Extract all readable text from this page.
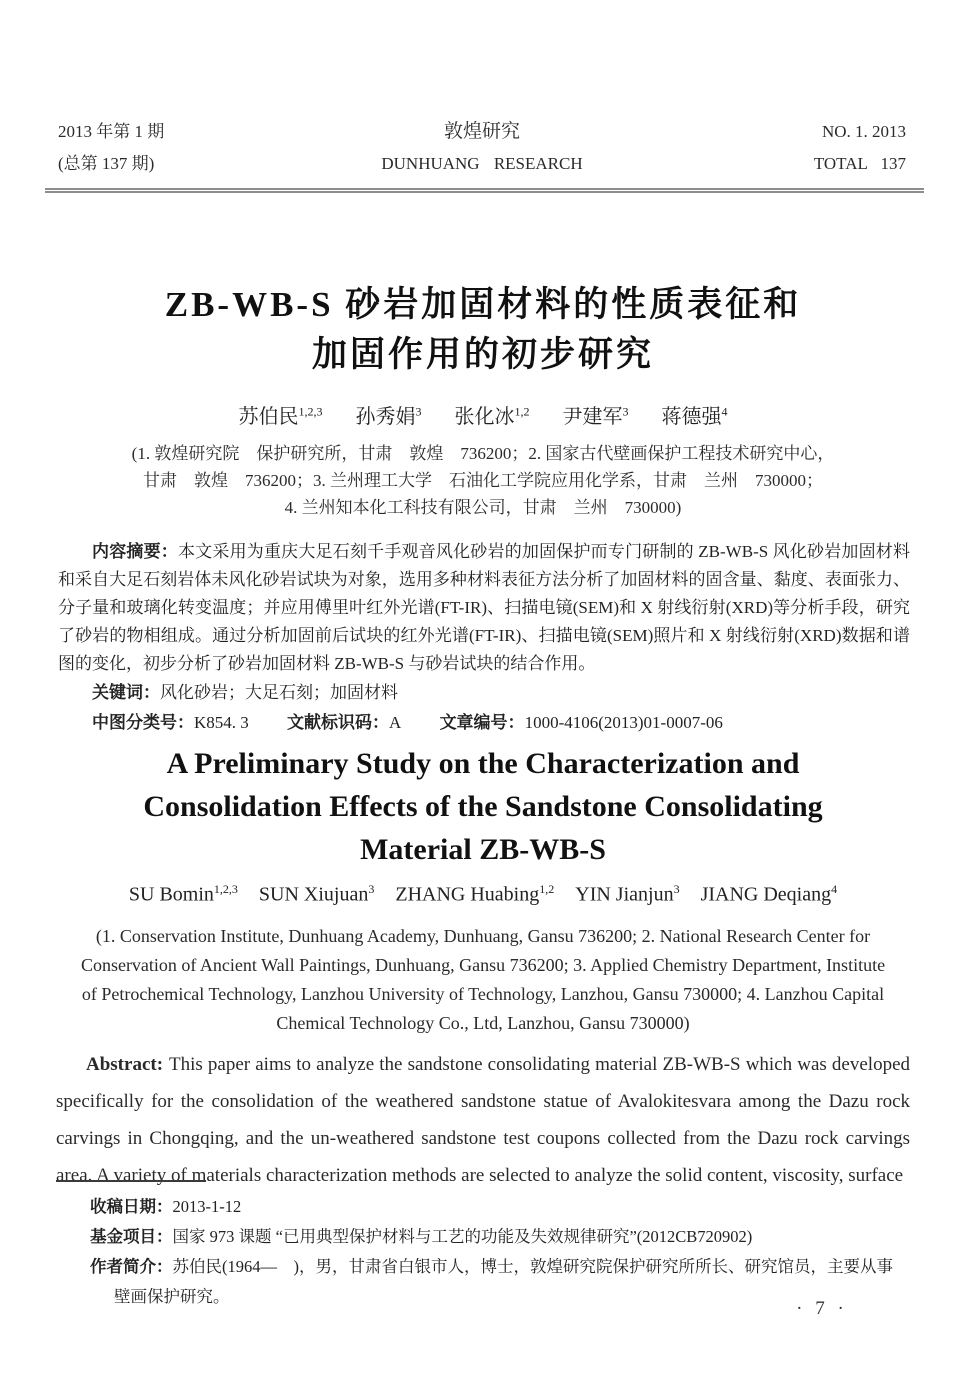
2013 年第 1 期
(总第 137 期)
敦煌研究
DUNHUANG RESEARCH
NO. 1. 2013
TOTAL 137
ZB-WB-S 砂岩加固材料的性质表征和
加固作用的初步研究
苏伯民$^{1,2,3}$ 孙秀娟$^3$ 张化冰$^{1,2}$ 尹建军$^3$ 蒋德强$^4$
(1. 敦煌研究院　保护研究所，甘肃　敦煌　736200；2. 国家古代壁画保护工程技术研究中心，
甘肃　敦煌　736200；3. 兰州理工大学　石油化工学院应用化学系，甘肃　兰州　730000；
4. 兰州知本化工科技有限公司，甘肃　兰州　730000)

内容摘要：本文采用为重庆大足石刻千手观音风化砂岩的加固保护而专门研制的 ZB-WB-S 风化砂岩加固材料和采自大足石刻岩体未风化砂岩试块为对象，选用多种材料表征方法分析了加固材料的固含量、黏度、表面张力、分子量和玻璃化转变温度；并应用傅里叶红外光谱(FT-IR)、扫描电镜(SEM)和 X 射线衍射(XRD)等分析手段，研究了砂岩的物相组成。通过分析加固前后试块的红外光谱(FT-IR)、扫描电镜(SEM)照片和 X 射线衍射(XRD)数据和谱图的变化，初步分析了砂岩加固材料 ZB-WB-S 与砂岩试块的结合作用。

关键词：风化砂岩；大足石刻；加固材料

中图分类号：K854. 3 文献标识码：A 文章编号：1000-4106(2013)01-0007-06

A Preliminary Study on the Characterization and
Consolidation Effects of the Sandstone Consolidating
Material ZB-WB-S
SU Bomin$^{1,2,3}$ SUN Xiujuan$^3$ ZHANG Huabing$^{1,2}$ YIN Jianjun$^3$ JIANG Deqiang$^4$
(1. Conservation Institute, Dunhuang Academy, Dunhuang, Gansu 736200; 2. National Research Center for
Conservation of Ancient Wall Paintings, Dunhuang, Gansu 736200; 3. Applied Chemistry Department, Institute
of Petrochemical Technology, Lanzhou University of Technology, Lanzhou, Gansu 730000; 4. Lanzhou Capital
Chemical Technology Co., Ltd, Lanzhou, Gansu 730000)

Abstract: This paper aims to analyze the sandstone consolidating material ZB-WB-S which was developed specifically for the consolidation of the weathered sandstone statue of Avalokitesvara among the Dazu rock carvings in Chongqing, and the un-weathered sandstone test coupons collected from the Dazu rock carvings area. A variety of materials characterization methods are selected to analyze the solid content, viscosity, surface

收稿日期：2013-1-12

基金项目：国家 973 课题 “已用典型保护材料与工艺的功能及失效规律研究”(2012CB720902)

作者简介：苏伯民(1964—　)，男，甘肃省白银市人，博士，敦煌研究院保护研究所所长、研究馆员，主要从事壁画保护研究。

· 7 ·
